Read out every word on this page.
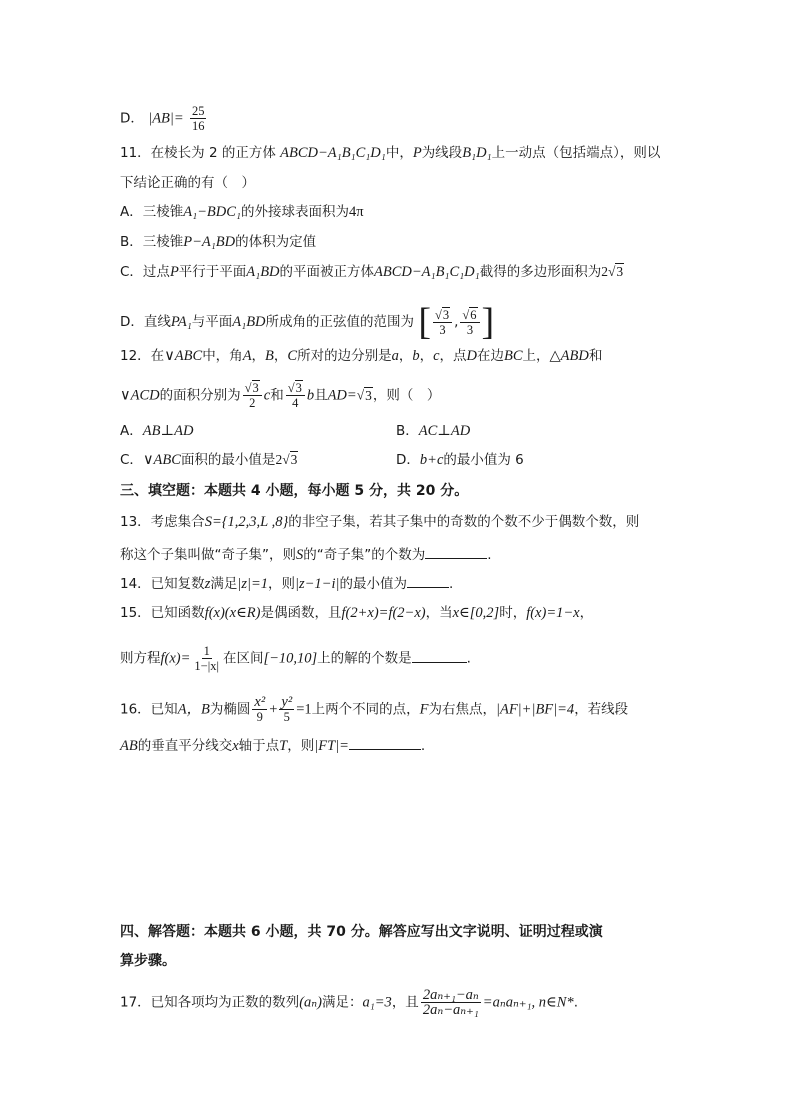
D． $|AB|= \frac{25}{16}$
11．在棱长为 2 的正方体 ABCD−A₁B₁C₁D₁中，P为线段B₁D₁上一动点（包括端点），则以
下结论正确的有（　）
A．三棱锥A₁−BDC₁的外接球表面积为4π
B．三棱锥P−A₁BD的体积为定值
C．过点P平行于平面A₁BD的平面被正方体ABCD−A₁B₁C₁D₁截得的多边形面积为2√3
D．直线PA₁与平面A₁BD所成角的正弦值的范围为 [ $\frac{√3}{3}$ , $\frac{√6}{3}$ ]
12．在∨ABC中，角A，B，C所对的边分别是a，b，c，点D在边BC上，△ABD和
∨ACD的面积分别为 $\frac{√3}{2}$ c和 $\frac{√3}{4}$ b且AD=√3，则（　）
A．AB⊥AD	B．AC⊥AD
C．∨ABC面积的最小值是2√3	D．b+c的最小值为 6
三、填空题：本题共 4 小题，每小题 5 分，共 20 分。
13．考虑集合S={1,2,3,L ,8}的非空子集，若其子集中的奇数的个数不少于偶数个数，则
称这个子集叫做“奇子集”，则S的“奇子集”的个数为	.
14．已知复数z满足|z|=1，则|z−1−i|的最小值为	.
15．已知函数f(x)(x∈R)是偶函数，且f(2+x)=f(2−x)，当x∈[0,2]时，f(x)=1−x，
则方程$f(x)= \frac{1}{1-|x|}$ 在区间[−10,10]上的解的个数是	.
16．已知A，B为椭圆 $\frac{\text{x²}}{9} + \frac{\text{y²}}{5} =1$上两个不同的点，F为右焦点，|AF|+|BF|=4，若线段
AB的垂直平分线交x轴于点T，则|FT|=	.
四、解答题：本题共 6 小题，共 70 分。解答应写出文字说明、证明过程或演
算步骤。
17．已知各项均为正数的数列(aₙ)满足：a₁=3，且 $\frac{\text{2aₙ₊₁−aₙ}}{\text{2aₙ−aₙ₊₁}} =a_na_{n+1}$, n∈N*.
